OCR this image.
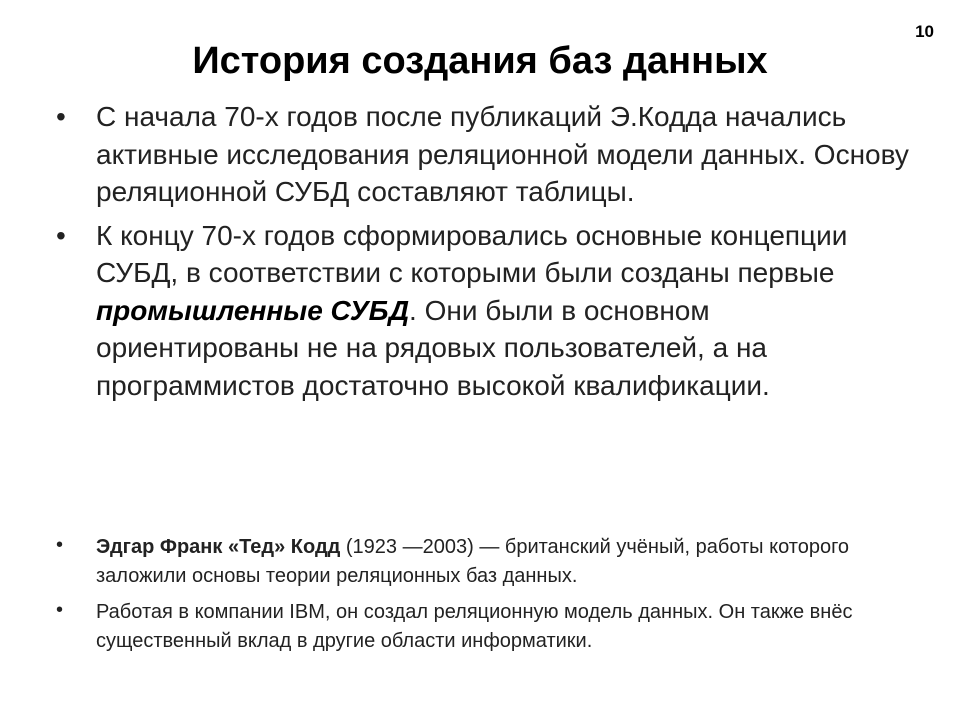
10
История создания баз данных
• С начала 70-х годов после публикаций Э.Кодда начались активные исследования реляционной модели данных. Основу реляционной СУБД составляют таблицы.
• К концу 70-х годов сформировались основные концепции СУБД, в соответствии с которыми были созданы первые промышленные СУБД. Они были в основном ориентированы не на рядовых пользователей, а на программистов достаточно высокой квалификации.
• Эдгар Франк «Тед» Кодд (1923 —2003) — британский учёный, работы которого заложили основы теории реляционных баз данных.
• Работая в компании IBM, он создал реляционную модель данных. Он также внёс существенный вклад в другие области информатики.
